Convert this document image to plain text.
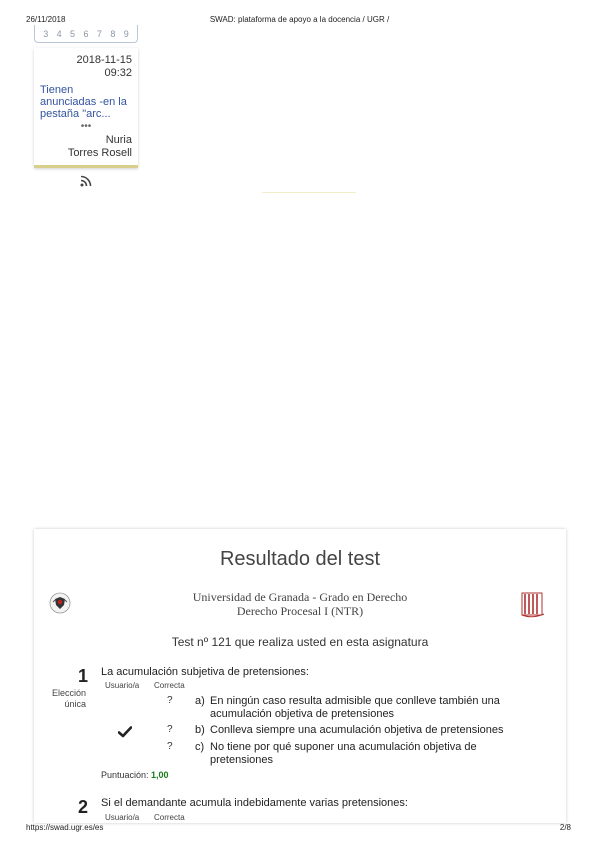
26/11/2018	SWAD: plataforma de apoyo a la docencia / UGR /
3 4 5 6 7 8 9
2018-11-15
09:32
Tienen
anunciadas -en la
pestaña "arc...
•••
Nuria
Torres Rosell
Resultado del test
Universidad de Granada - Grado en Derecho
Derecho Procesal I (NTR)
Test nº 121 que realiza usted en esta asignatura
1
Elección
única
La acumulación subjetiva de pretensiones:
Usuario/a Correcta
? a) En ningún caso resulta admisible que conlleve también una
acumulación objetiva de pretensiones
? b) Conlleva siempre una acumulación objetiva de pretensiones
? c) No tiene por qué suponer una acumulación objetiva de
pretensiones
Puntuación: 1,00
2 Si el demandante acumula indebidamente varias pretensiones:
Usuario/a Correcta
https://swad.ugr.es/es	2/8
